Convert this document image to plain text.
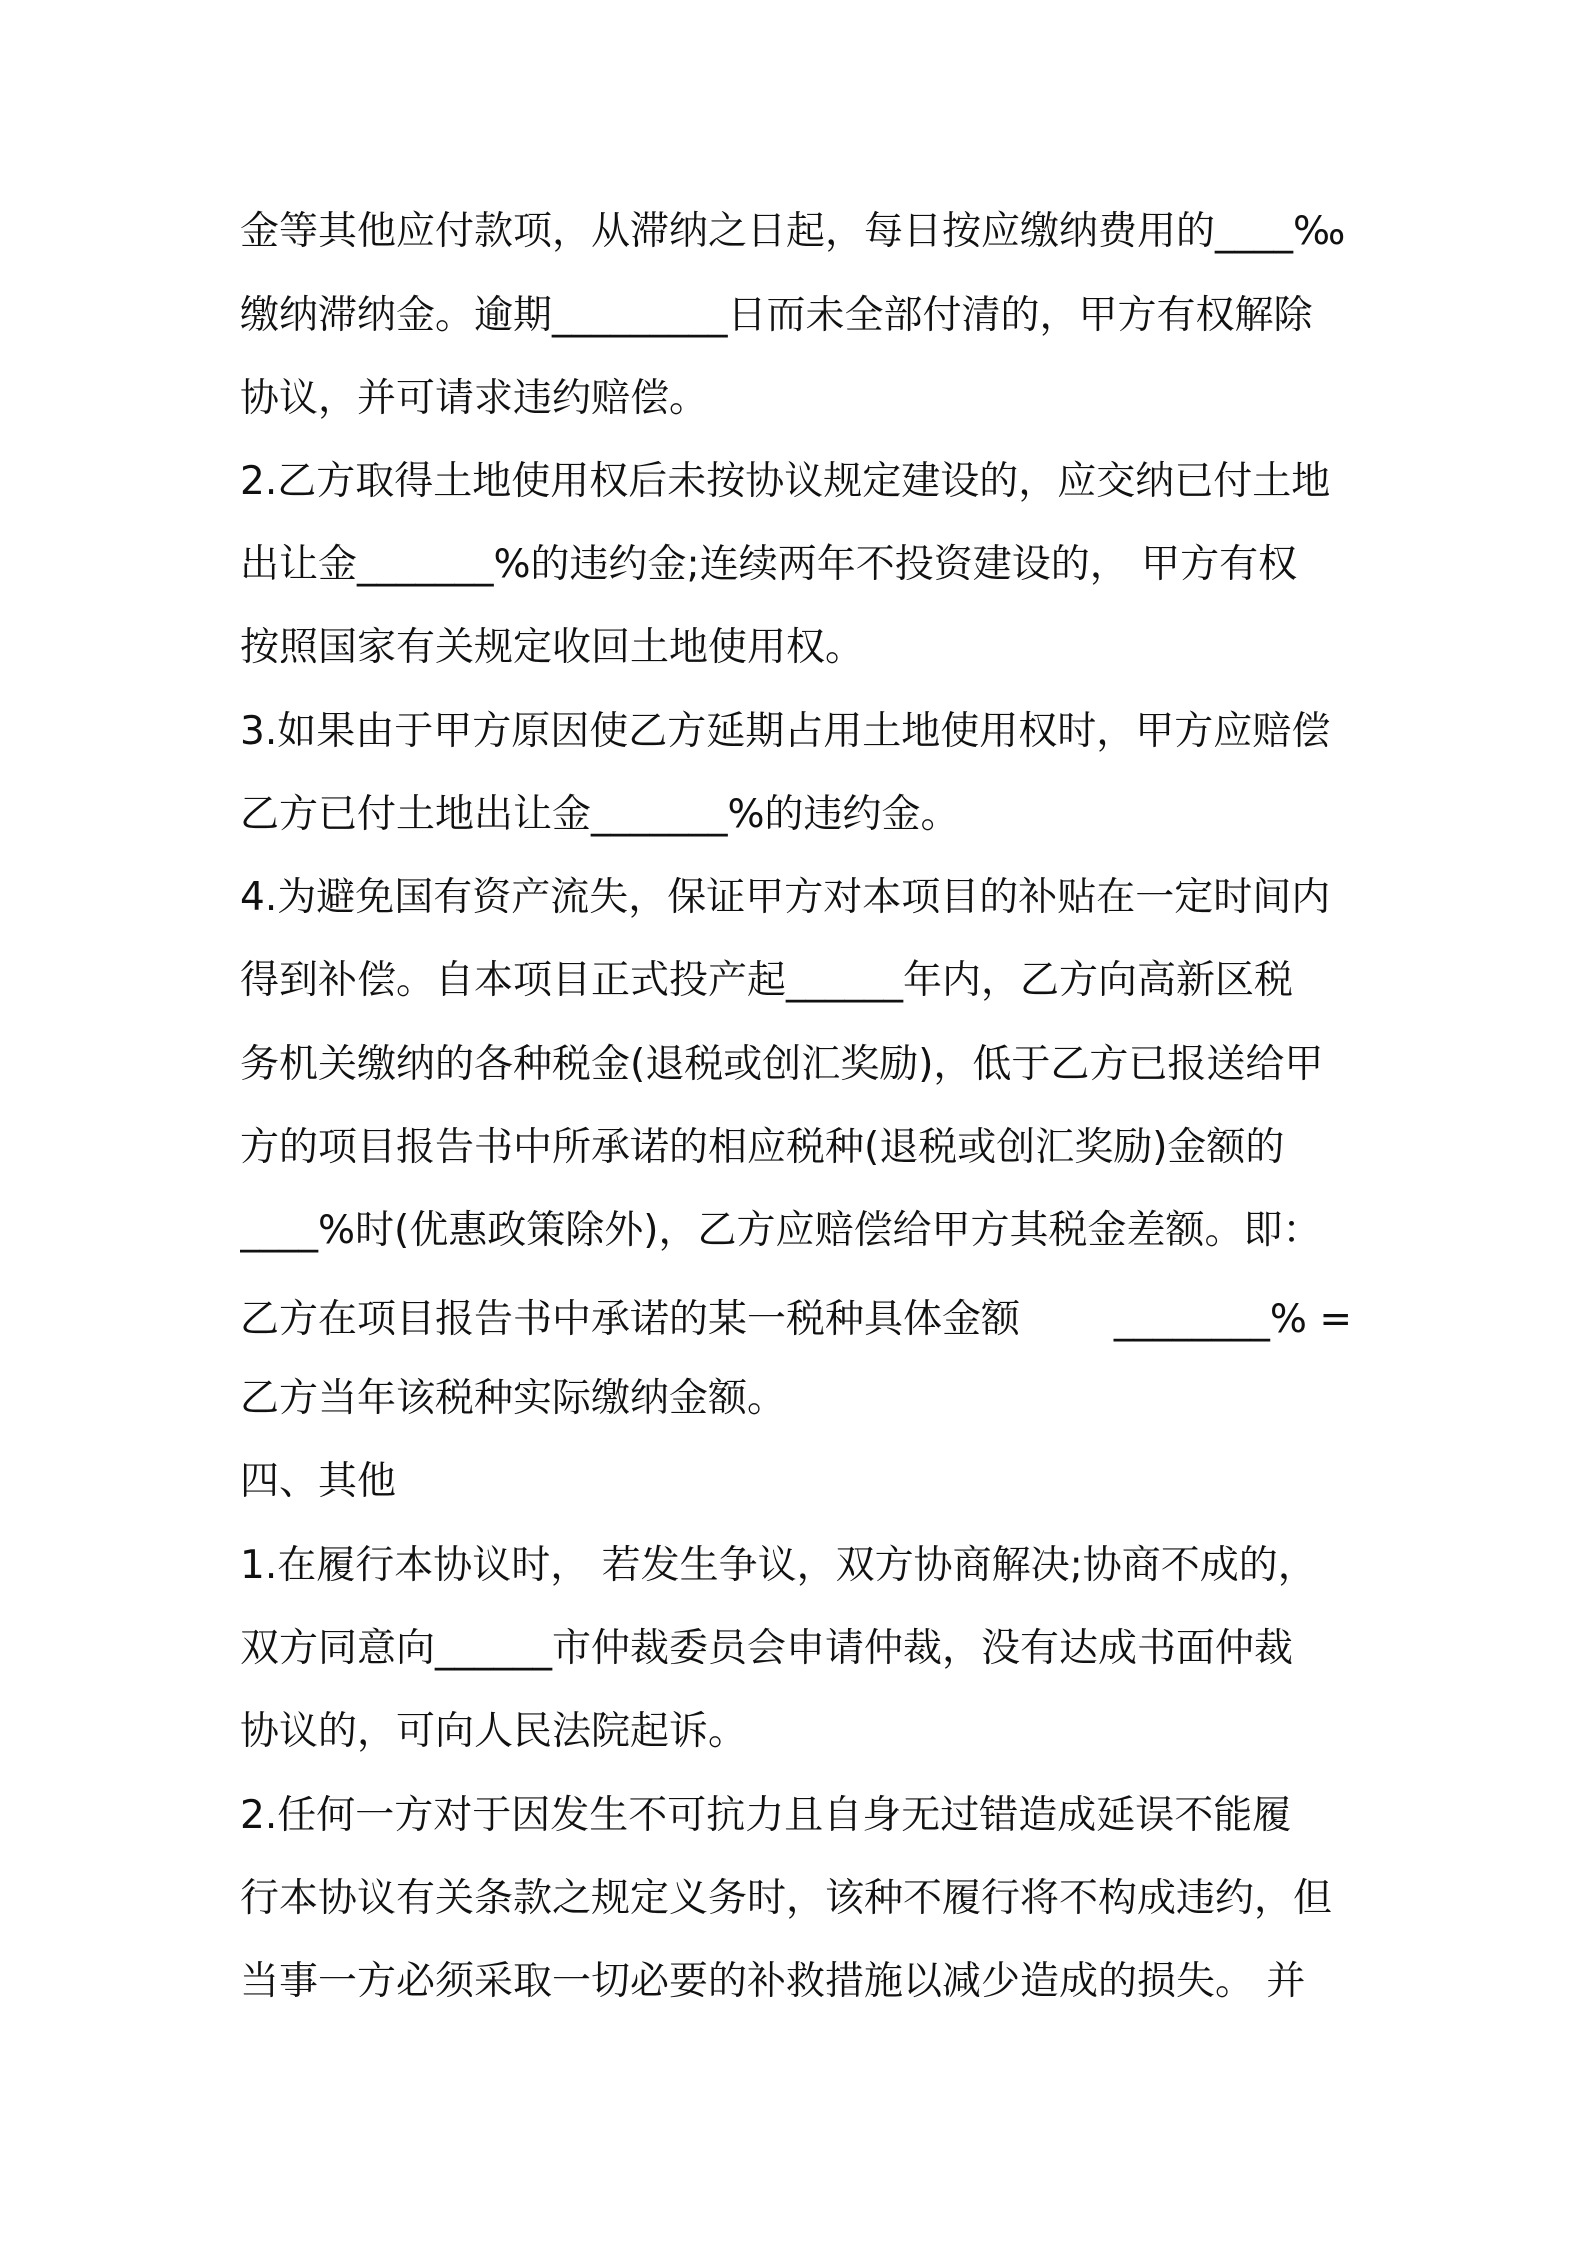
金等其他应付款项，从滞纳之日起，每日按应缴纳费用的____‰
缴纳滞纳金。逾期_________日而未全部付清的，甲方有权解除
协议，并可请求违约赔偿。
2.乙方取得土地使用权后未按协议规定建设的，应交纳已付土地
出让金_______%的违约金;连续两年不投资建设的， 甲方有权
按照国家有关规定收回土地使用权。
3.如果由于甲方原因使乙方延期占用土地使用权时，甲方应赔偿
乙方已付土地出让金_______%的违约金。
4.为避免国有资产流失，保证甲方对本项目的补贴在一定时间内
得到补偿。自本项目正式投产起______年内，乙方向高新区税
务机关缴纳的各种税金(退税或创汇奖励)，低于乙方已报送给甲
方的项目报告书中所承诺的相应税种(退税或创汇奖励)金额的
____%时(优惠政策除外)，乙方应赔偿给甲方其税金差额。即：
乙方在项目报告书中承诺的某一税种具体金额 ________% =
乙方当年该税种实际缴纳金额。
四、其他
1.在履行本协议时， 若发生争议，双方协商解决;协商不成的，
双方同意向______市仲裁委员会申请仲裁，没有达成书面仲裁
协议的，可向人民法院起诉。
2.任何一方对于因发生不可抗力且自身无过错造成延误不能履
行本协议有关条款之规定义务时，该种不履行将不构成违约，但
当事一方必须采取一切必要的补救措施以减少造成的损失。 并
